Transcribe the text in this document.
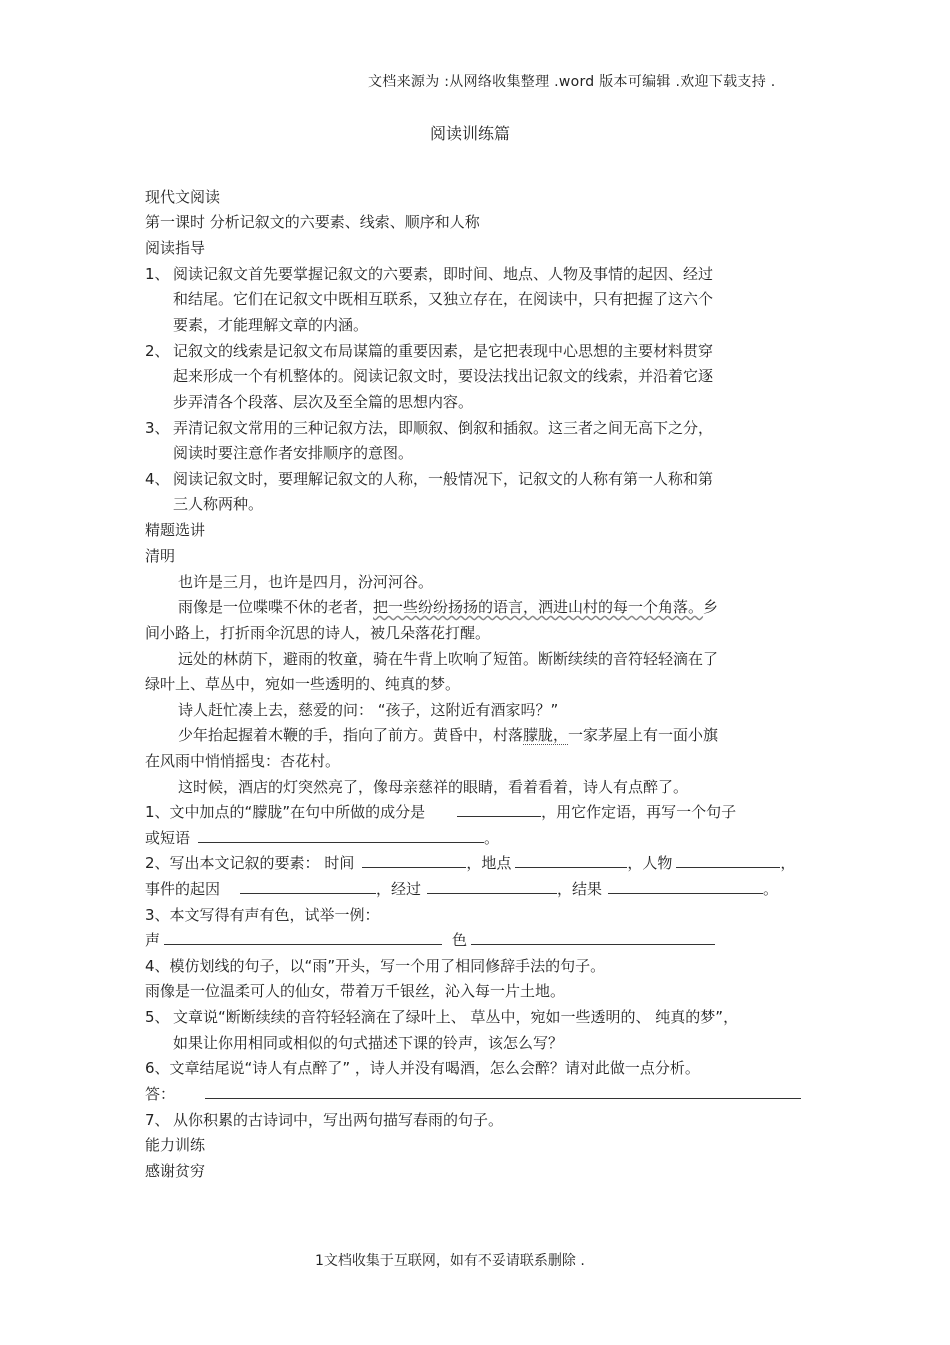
文档来源为 :从网络收集整理 .word 版本可编辑 .欢迎下载支持 .
阅读训练篇
现代文阅读
第一课时 分析记叙文的六要素、线索、顺序和人称
阅读指导
1、 阅读记叙文首先要掌握记叙文的六要素，即时间、地点、人物及事情的起因、经过
和结尾。它们在记叙文中既相互联系，又独立存在，在阅读中，只有把握了这六个
要素，才能理解文章的内涵。
2、 记叙文的线索是记叙文布局谋篇的重要因素，是它把表现中心思想的主要材料贯穿
起来形成一个有机整体的。阅读记叙文时，要设法找出记叙文的线索，并沿着它逐
步弄清各个段落、层次及至全篇的思想内容。
3、 弄清记叙文常用的三种记叙方法，即顺叙、倒叙和插叙。这三者之间无高下之分，
阅读时要注意作者安排顺序的意图。
4、 阅读记叙文时，要理解记叙文的人称，一般情况下，记叙文的人称有第一人称和第
三人称两种。
精题选讲
清明
也许是三月，也许是四月，汾河河谷。
雨像是一位喋喋不休的老者，把一些纷纷扬扬的语言，洒进山村的每一个角落。乡
间小路上，打折雨伞沉思的诗人，被几朵落花打醒。
远处的林荫下，避雨的牧童，骑在牛背上吹响了短笛。断断续续的音符轻轻滴在了
绿叶上、草丛中，宛如一些透明的、纯真的梦。
诗人赶忙凑上去，慈爱的问： “孩子，这附近有酒家吗？”
少年抬起握着木鞭的手，指向了前方。黄昏中，村落朦胧，一家茅屋上有一面小旗
在风雨中悄悄摇曳：杏花村。
这时候，酒店的灯突然亮了，像母亲慈祥的眼睛，看着看着，诗人有点醉了。
1、文中加点的“朦胧”在句中所做的成分是	，用它作定语，再写一个句子
或短语	。
2、写出本文记叙的要素： 时间	，地点	，人物	，
事件的起因	，经过	，结果	。
3、本文写得有声有色，试举一例：
声	色
4、模仿划线的句子，以“雨”开头，写一个用了相同修辞手法的句子。
雨像是一位温柔可人的仙女，带着万千银丝，沁入每一片土地。
5、 文章说“断断续续的音符轻轻滴在了绿叶上、 草丛中，宛如一些透明的、 纯真的梦”，
如果让你用相同或相似的句式描述下课的铃声，该怎么写？
6、文章结尾说“诗人有点醉了” ，诗人并没有喝酒，怎么会醉？请对此做一点分析。
答：
7、 从你积累的古诗词中，写出两句描写春雨的句子。
能力训练
感谢贫穷
1文档收集于互联网，如有不妥请联系删除 .
